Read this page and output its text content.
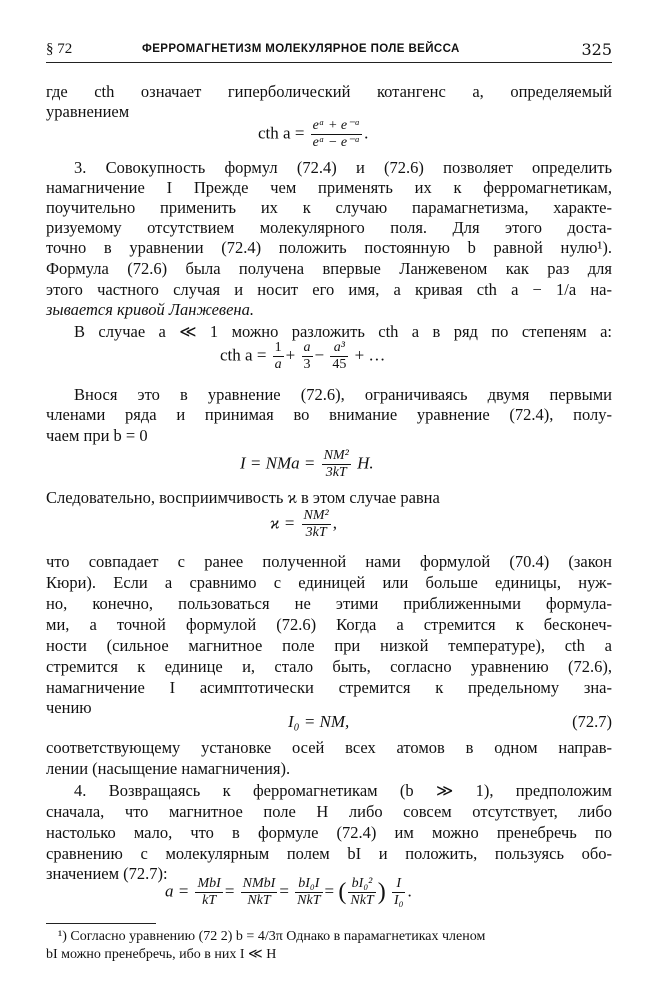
§ 72	ФЕРРОМАГНЕТИЗМ МОЛЕКУЛЯРНОЕ ПОЛЕ ВЕЙССА	325
где cth означает гиперболический котангенс a, определяемый
уравнением
cth $a = \frac{\text{eᵃ + e⁻ᵃ}}{\text{eᵃ − e⁻ᵃ}}$ .
3. Совокупность формул (72.4) и (72.6) позволяет определить
намагничение I Прежде чем применять их к ферромагнетикам,
поучительно применить их к случаю парамагнетизма, характе-
ризуемому отсутствием молекулярного поля. Для этого доста-
точно в уравнении (72.4) положить постоянную b равной нулю¹).
Формула (72.6) была получена впервые Ланжевеном как раз для
этого частного случая и носит его имя, а кривая cth a − 1/a на-
зывается кривой Ланжевена.
В случае a ≪ 1 можно разложить cth a в ряд по степеням a:
cth $a = \frac{1}{a} + \frac{a}{3} - \frac{\text{a³}}{45}$ + …
Внося это в уравнение (72.6), ограничиваясь двумя первыми
членами ряда и принимая во внимание уравнение (72.4), полу-
чаем при b = 0
I = NMa = $\frac{\text{NM²}}{3kT} H$.
Следовательно, восприимчивость ϰ в этом случае равна
$ϰ = \frac{\text{NM²}}{3kT}$ ,
что совпадает с ранее полученной нами формулой (70.4) (закон
Кюри). Если a сравнимо с единицей или больше единицы, нуж-
но, конечно, пользоваться не этими приближенными формула-
ми, а точной формулой (72.6) Когда a стремится к бесконеч-
ности (сильное магнитное поле при низкой температуре), cth a
стремится к единице и, стало быть, согласно уравнению (72.6),
намагничение I асимптотически стремится к предельному зна-
чению
I₀ = NM,	(72.7)
соответствующему установке осей всех атомов в одном направ-
лении (насыщение намагничения).
4. Возвращаясь к ферромагнетикам (b ≫ 1), предположим
сначала, что магнитное поле H либо совсем отсутствует, либо
настолько мало, что в формуле (72.4) им можно пренебречь по
сравнению с молекулярным полем bI и положить, пользуясь обо-
значением (72.7):
$a = \frac{\text{MbI}}{kT} = \frac{\text{NMbI}}{\text{NkT}} = \frac{\text{bI₀I}}{\text{NkT}}$ = ( $\frac{\text{bI₀²}}{\text{NkT}}$ ) $\frac{I}{\text{I₀}}$ .
¹) Согласно уравнению (72 2) b = 4/3π Однако в парамагнетиках членом
bI можно пренебречь, ибо в них I ≪ H
